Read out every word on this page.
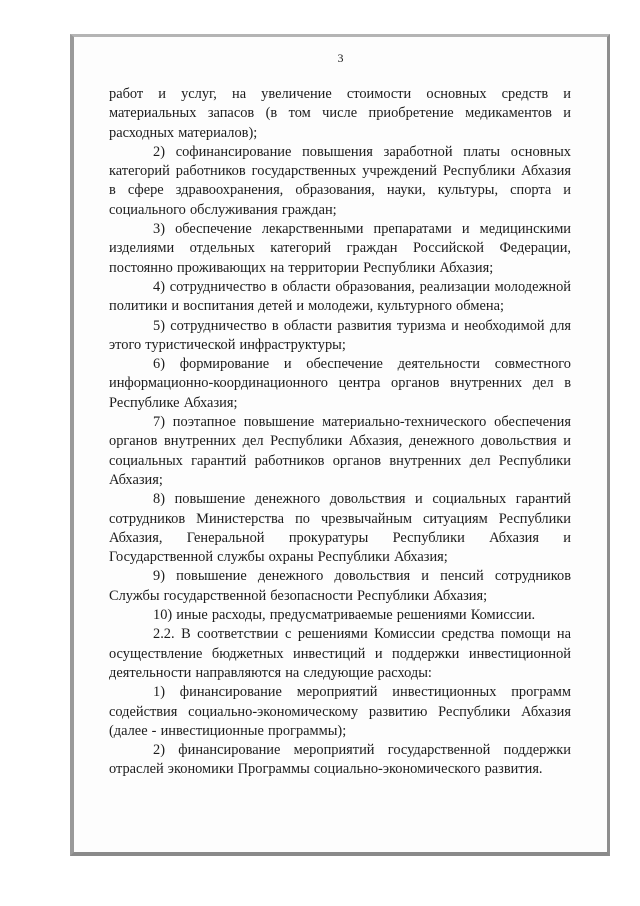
3

работ и услуг, на увеличение стоимости основных средств и материальных запасов (в том числе приобретение медикаментов и расходных материалов);

2) софинансирование повышения заработной платы основных категорий работников государственных учреждений Республики Абхазия в сфере здравоохранения, образования, науки, культуры, спорта и социального обслуживания граждан;

3) обеспечение лекарственными препаратами и медицинскими изделиями отдельных категорий граждан Российской Федерации, постоянно проживающих на территории Республики Абхазия;

4) сотрудничество в области образования, реализации молодежной политики и воспитания детей и молодежи, культурного обмена;

5) сотрудничество в области развития туризма и необходимой для этого туристической инфраструктуры;

6) формирование и обеспечение деятельности совместного информационно-координационного центра органов внутренних дел в Республике Абхазия;

7) поэтапное повышение материально-технического обеспечения органов внутренних дел Республики Абхазия, денежного довольствия и социальных гарантий работников органов внутренних дел Республики Абхазия;

8) повышение денежного довольствия и социальных гарантий сотрудников Министерства по чрезвычайным ситуациям Республики Абхазия, Генеральной прокуратуры Республики Абхазия и Государственной службы охраны Республики Абхазия;

9) повышение денежного довольствия и пенсий сотрудников Службы государственной безопасности Республики Абхазия;

10) иные расходы, предусматриваемые решениями Комиссии.

2.2. В соответствии с решениями Комиссии средства помощи на осуществление бюджетных инвестиций и поддержки инвестиционной деятельности направляются на следующие расходы:

1) финансирование мероприятий инвестиционных программ содействия социально-экономическому развитию Республики Абхазия (далее - инвестиционные программы);

2) финансирование мероприятий государственной поддержки отраслей экономики Программы социально-экономического развития.
